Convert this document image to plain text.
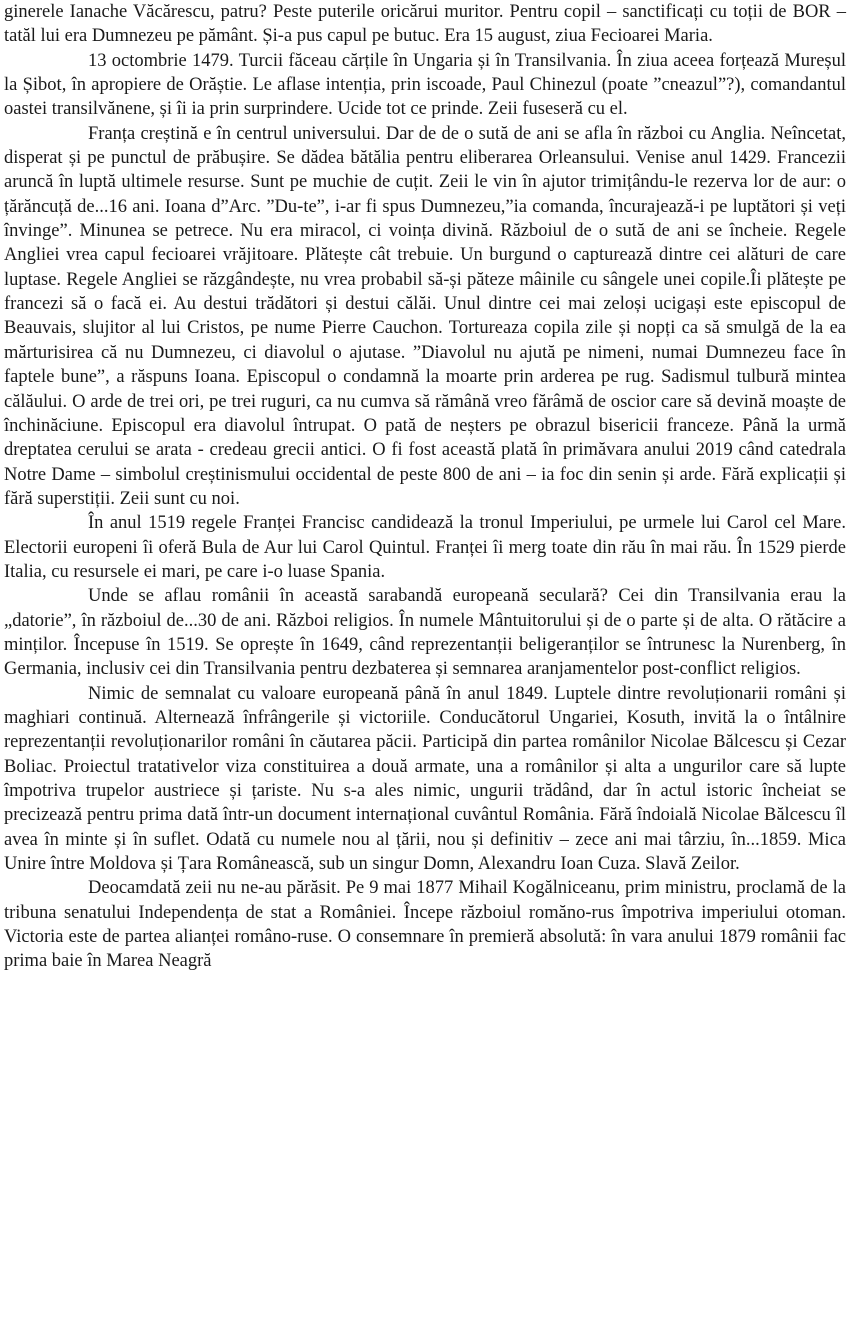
ginerele Ianache Văcărescu, patru? Peste puterile oricărui muritor. Pentru copil – sanctificați cu toții de BOR – tatăl lui era Dumnezeu pe pământ. Și-a pus capul pe butuc. Era 15 august, ziua Fecioarei Maria.

13 octombrie 1479. Turcii făceau cărțile în Ungaria și în Transilvania. În ziua aceea forțează Mureșul la Șibot, în apropiere de Orăștie. Le aflase intenția, prin iscoade, Paul Chinezul (poate ”cneazul”?), comandantul oastei transilvănene, și îi ia prin surprindere. Ucide tot ce prinde. Zeii fuseseră cu el.

Franța creștină e în centrul universului. Dar de de o sută de ani se afla în război cu Anglia. Neîncetat, disperat și pe punctul de prăbușire. Se dădea bătălia pentru eliberarea Orleansului. Venise anul 1429. Francezii aruncă în luptă ultimele resurse. Sunt pe muchie de cuțit. Zeii le vin în ajutor trimițându-le rezerva lor de aur: o țărăncuță de...16 ani. Ioana d”Arc. ”Du-te”, i-ar fi spus Dumnezeu,”ia comanda, încurajează-i pe luptători și veți învinge”. Minunea se petrece. Nu era miracol, ci voința divină. Războiul de o sută de ani se încheie. Regele Angliei vrea capul fecioarei vrăjitoare. Plătește cât trebuie. Un burgund o capturează dintre cei alături de care luptase. Regele Angliei se răzgândește, nu vrea probabil să-și păteze mâinile cu sângele unei copile.Îi plătește pe francezi să o facă ei. Au destui trădători și destui călăi. Unul dintre cei mai zeloși ucigași este episcopul de Beauvais, slujitor al lui Cristos, pe nume Pierre Cauchon. Tortureaza copila zile și nopți ca să smulgă de la ea mărturisirea că nu Dumnezeu, ci diavolul o ajutase. ”Diavolul nu ajută pe nimeni, numai Dumnezeu face în faptele bune”, a răspuns Ioana. Episcopul o condamnă la moarte prin arderea pe rug. Sadismul tulbură mintea călăului. O arde de trei ori, pe trei ruguri, ca nu cumva să rămână vreo fărâmă de oscior care să devină moaște de închinăciune. Episcopul era diavolul întrupat. O pată de neșters pe obrazul bisericii franceze. Până la urmă dreptatea cerului se arata - credeau grecii antici. O fi fost această plată în primăvara anului 2019 când catedrala Notre Dame – simbolul creștinismului occidental de peste 800 de ani – ia foc din senin și arde. Fără explicații și fără superstiții. Zeii sunt cu noi.

În anul 1519 regele Franței Francisc candidează la tronul Imperiului, pe urmele lui Carol cel Mare. Electorii europeni îi oferă Bula de Aur lui Carol Quintul. Franței îi merg toate din rău în mai rău. În 1529 pierde Italia, cu resursele ei mari, pe care i-o luase Spania.

Unde se aflau românii în această sarabandă europeană seculară? Cei din Transilvania erau la „datorie”, în războiul de...30 de ani. Război religios. În numele Mântuitorului și de o parte și de alta. O rătăcire a minților. Începuse în 1519. Se oprește în 1649, când reprezentanții beligeranților se întrunesc la Nurenberg, în Germania, inclusiv cei din Transilvania pentru dezbaterea și semnarea aranjamentelor post-conflict religios.

Nimic de semnalat cu valoare europeană până în anul 1849. Luptele dintre revoluționarii români și maghiari continuă. Alternează înfrângerile și victoriile. Conducătorul Ungariei, Kosuth, invită la o întâlnire reprezentanții revoluționarilor români în căutarea păcii. Participă din partea românilor Nicolae Bălcescu și Cezar Boliac. Proiectul tratativelor viza constituirea a două armate, una a românilor și alta a ungurilor care să lupte împotriva trupelor austriece și țariste. Nu s-a ales nimic, ungurii trădând, dar în actul istoric încheiat se precizează pentru prima dată într-un document internațional cuvântul România. Fără îndoială Nicolae Bălcescu îl avea în minte și în suflet. Odată cu numele nou al țării, nou și definitiv – zece ani mai târziu, în...1859. Mica Unire între Moldova și Țara Românească, sub un singur Domn, Alexandru Ioan Cuza. Slavă Zeilor.

Deocamdată zeii nu ne-au părăsit. Pe 9 mai 1877 Mihail Kogălniceanu, prim ministru, proclamă de la tribuna senatului Independența de stat a României. Începe războiul romăno-rus împotriva imperiului otoman. Victoria este de partea alianței româno-ruse. O consemnare în premieră absolută: în vara anului 1879 românii fac prima baie în Marea Neagră
